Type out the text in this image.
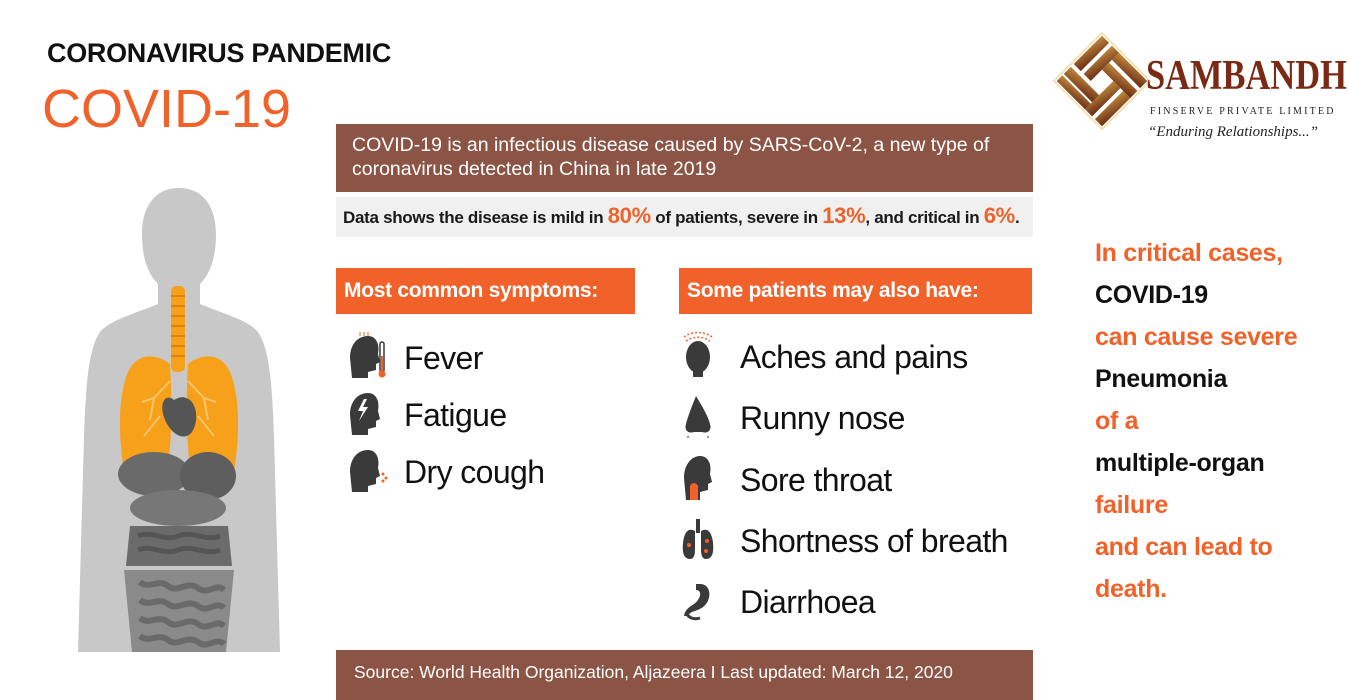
CORONAVIRUS PANDEMIC
COVID-19
SAMBANDH
FINSERVE PRIVATE LIMITED
“Enduring Relationships...”
COVID-19 is an infectious disease caused by SARS-CoV-2, a new type of coronavirus detected in China in late 2019
Data shows the disease is mild in 80% of patients, severe in 13%, and critical in 6%.
Most common symptoms:
Fever
Fatigue
Dry cough
Some patients may also have:
Aches and pains
Runny nose
Sore throat
Shortness of breath
Diarrhoea
In critical cases,
COVID-19
can cause severe
Pneumonia
of a
multiple-organ
failure
and can lead to
death.
Source: World Health Organization, Aljazeera I Last updated: March 12, 2020
